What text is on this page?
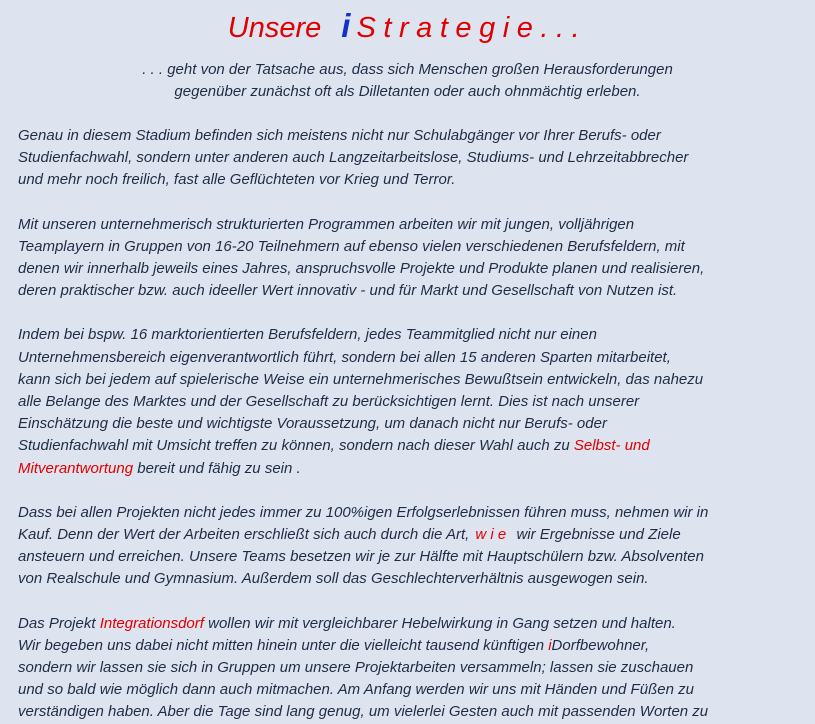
Unsere i Strategie...
. . . geht von der Tatsache aus, dass sich Menschen großen Herausforderungen
gegenüber zunächst oft als Dilletanten oder auch ohnmächtig erleben.
Genau in diesem Stadium befinden sich meistens nicht nur Schulabgänger vor Ihrer Berufs- oder
Studienfachwahl, sondern unter anderen auch Langzeitarbeitslose, Studiums- und Lehrzeitabbrecher
und mehr noch freilich, fast alle Geflüchteten vor Krieg und Terror.
Mit unseren unternehmerisch strukturierten Programmen arbeiten wir mit jungen, volljährigen
Teamplayern in Gruppen von 16-20 Teilnehmern auf ebenso vielen verschiedenen Berufsfeldern, mit
denen wir innerhalb jeweils eines Jahres, anspruchsvolle Projekte und Produkte planen und realisieren,
deren praktischer bzw. auch ideeller Wert innovativ - und für Markt und Gesellschaft von Nutzen ist.
Indem bei bspw. 16 marktorientierten Berufsfeldern, jedes Teammitglied nicht nur einen
Unternehmensbereich eigenverantwortlich führt, sondern bei allen 15 anderen Sparten mitarbeitet,
kann sich bei jedem auf spielerische Weise ein unternehmerisches Bewußtsein entwickeln, das nahezu
alle Belange des Marktes und der Gesellschaft zu berücksichtigen lernt. Dies ist nach unserer
Einschätzung die beste und wichtigste Voraussetzung, um danach nicht nur Berufs- oder
Studienfachwahl mit Umsicht treffen zu können, sondern nach dieser Wahl auch zu Selbst- und
Mitverantwortung bereit und fähig zu sein .
Dass bei allen Projekten nicht jedes immer zu 100%igen Erfolgserlebnissen führen muss, nehmen wir in
Kauf. Denn der Wert der Arbeiten erschließt sich auch durch die Art, wie wir Ergebnisse und Ziele
ansteuern und erreichen. Unsere Teams besetzen wir je zur Hälfte mit Hauptschülern bzw. Absolventen
von Realschule und Gymnasium. Außerdem soll das Geschlechterverhältnis ausgewogen sein.
Das Projekt Integrationsdorf wollen wir mit vergleichbarer Hebelwirkung in Gang setzen und halten.
Wir begeben uns dabei nicht mitten hinein unter die vielleicht tausend künftigen iDorfbewohner,
sondern wir lassen sie sich in Gruppen um unsere Projektarbeiten versammeln; lassen sie zuschauen
und so bald wie möglich dann auch mitmachen. Am Anfang werden wir uns mit Händen und Füßen zu
verständigen haben. Aber die Tage sind lang genug, um vielerlei Gesten auch mit passenden Worten zu
